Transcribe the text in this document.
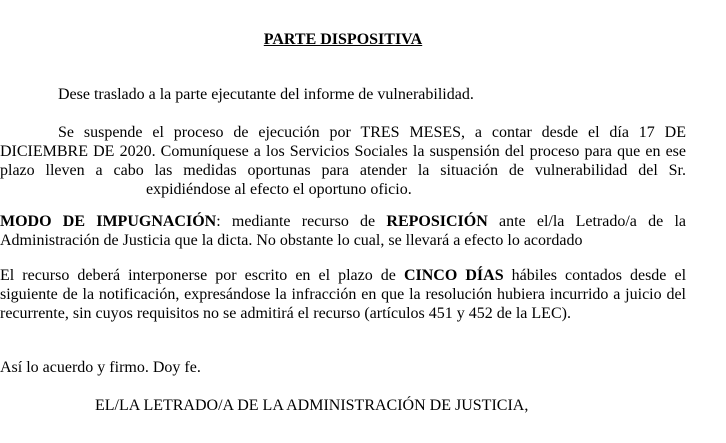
PARTE DISPOSITIVA

Dese traslado a la parte ejecutante del informe de vulnerabilidad.

Se suspende el proceso de ejecución por TRES MESES, a contar desde el día 17 DE DICIEMBRE DE 2020. Comuníquese a los Servicios Sociales la suspensión del proceso para que en ese plazo lleven a cabo las medidas oportunas para atender la situación de vulnerabilidad del Sr.expidiéndose al efecto el oportuno oficio.

MODO DE IMPUGNACIÓN: mediante recurso de REPOSICIÓN ante el/la Letrado/a de la Administración de Justicia que la dicta. No obstante lo cual, se llevará a efecto lo acordado

El recurso deberá interponerse por escrito en el plazo de CINCO DÍAS hábiles contados desde el siguiente de la notificación, expresándose la infracción en que la resolución hubiera incurrido a juicio del recurrente, sin cuyos requisitos no se admitirá el recurso (artículos 451 y 452 de la LEC).

Así lo acuerdo y firmo. Doy fe.

EL/LA LETRADO/A DE LA ADMINISTRACIÓN DE JUSTICIA,
